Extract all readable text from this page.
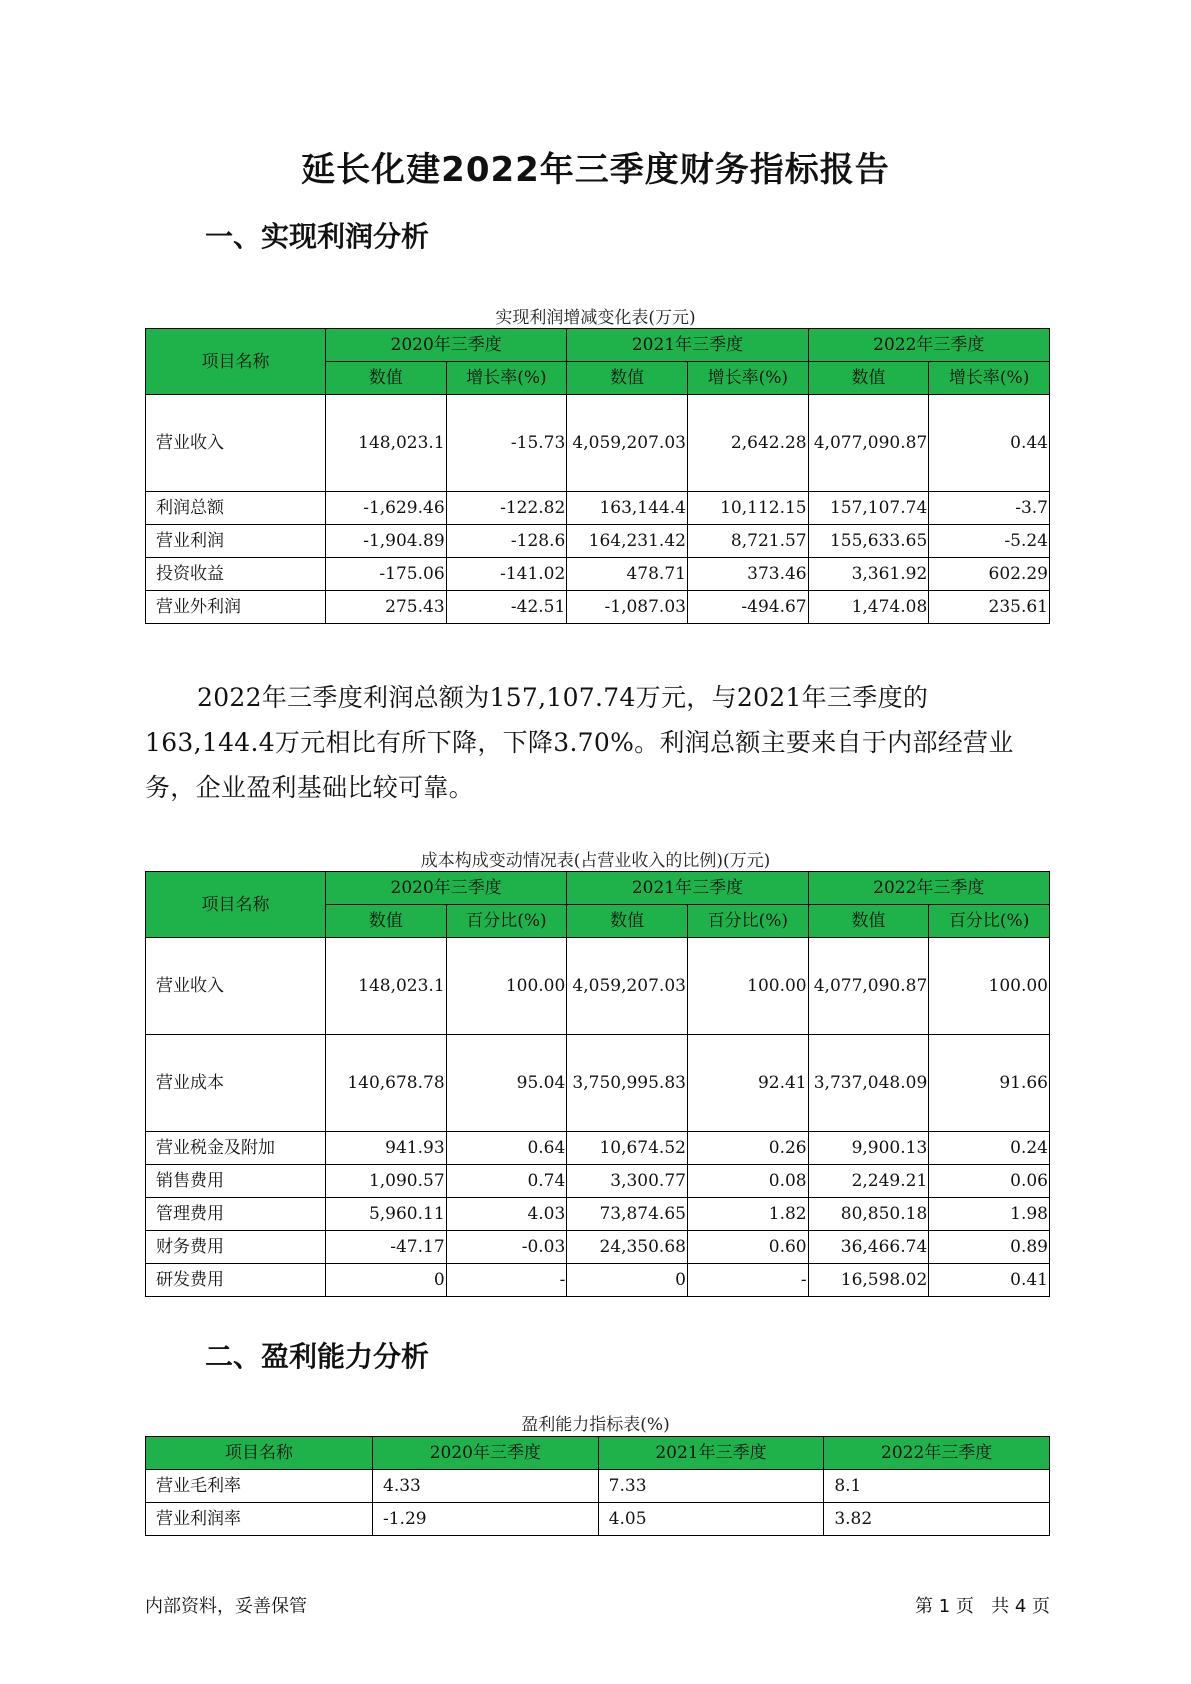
延长化建2022年三季度财务指标报告
一、实现利润分析
实现利润增减变化表(万元)
项目名称	2020年三季度		2021年三季度		2022年三季度	
	数值	增长率(%)	数值	增长率(%)	数值	增长率(%)
营业收入	148,023.1	-15.73	4,059,207.03	2,642.28	4,077,090.87	0.44
利润总额	-1,629.46	-122.82	163,144.4	10,112.15	157,107.74	-3.7
营业利润	-1,904.89	-128.6	164,231.42	8,721.57	155,633.65	-5.24
投资收益	-175.06	-141.02	478.71	373.46	3,361.92	602.29
营业外利润	275.43	-42.51	-1,087.03	-494.67	1,474.08	235.61

2022年三季度利润总额为157,107.74万元，与2021年三季度的163,144.4万元相比有所下降，下降3.70%。利润总额主要来自于内部经营业务，企业盈利基础比较可靠。

成本构成变动情况表(占营业收入的比例)(万元)
项目名称	2020年三季度		2021年三季度		2022年三季度	
	数值	百分比(%)	数值	百分比(%)	数值	百分比(%)
营业收入	148,023.1	100.00	4,059,207.03	100.00	4,077,090.87	100.00
营业成本	140,678.78	95.04	3,750,995.83	92.41	3,737,048.09	91.66
营业税金及附加	941.93	0.64	10,674.52	0.26	9,900.13	0.24
销售费用	1,090.57	0.74	3,300.77	0.08	2,249.21	0.06
管理费用	5,960.11	4.03	73,874.65	1.82	80,850.18	1.98
财务费用	-47.17	-0.03	24,350.68	0.60	36,466.74	0.89
研发费用	0	-	0	-	16,598.02	0.41
二、盈利能力分析
盈利能力指标表(%)
项目名称	2020年三季度	2021年三季度	2022年三季度
营业毛利率	4.33	7.33	8.1
营业利润率	-1.29	4.05	3.82
内部资料，妥善保管	第 1 页   共 4 页
